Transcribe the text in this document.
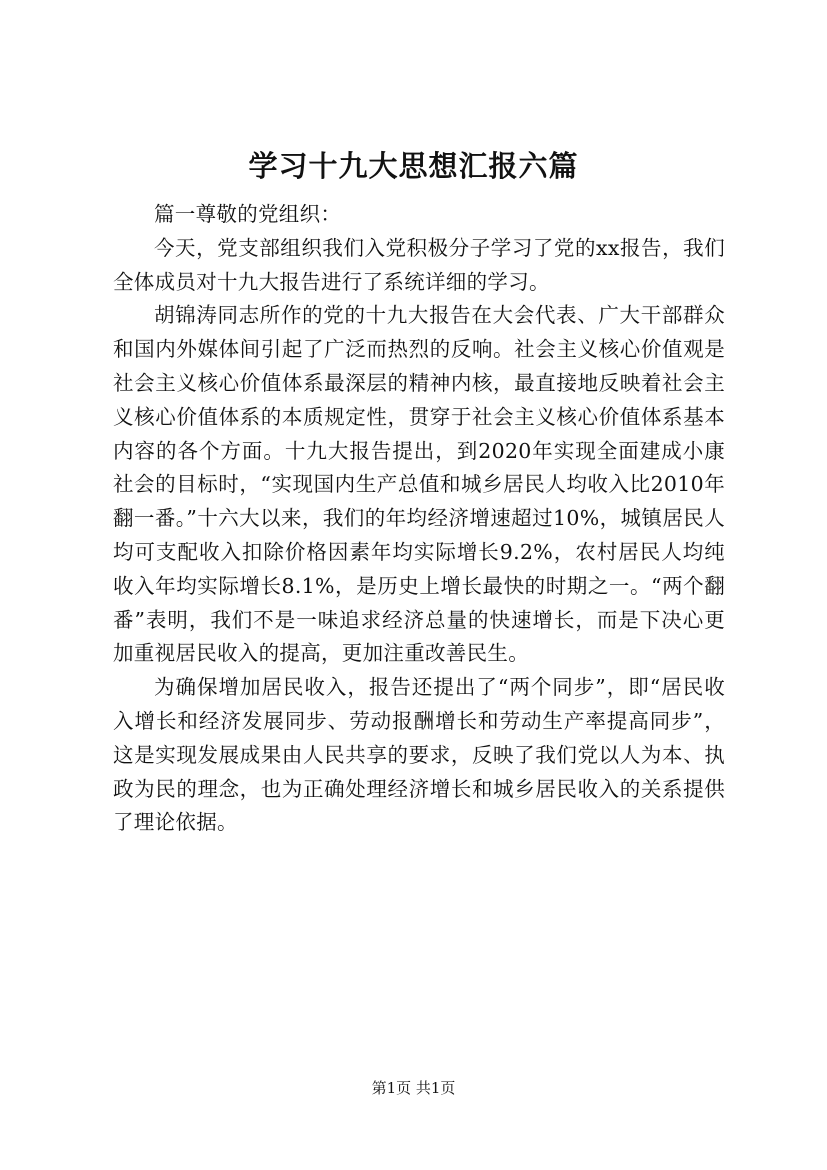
学习十九大思想汇报六篇

篇一尊敬的党组织：

今天，党支部组织我们入党积极分子学习了党的xx报告，我们全体成员对十九大报告进行了系统详细的学习。

胡锦涛同志所作的党的十九大报告在大会代表、广大干部群众和国内外媒体间引起了广泛而热烈的反响。社会主义核心价值观是社会主义核心价值体系最深层的精神内核，最直接地反映着社会主义核心价值体系的本质规定性，贯穿于社会主义核心价值体系基本内容的各个方面。十九大报告提出，到2020年实现全面建成小康社会的目标时，“实现国内生产总值和城乡居民人均收入比2010年翻一番。”十六大以来，我们的年均经济增速超过10%，城镇居民人均可支配收入扣除价格因素年均实际增长9.2%，农村居民人均纯收入年均实际增长8.1%，是历史上增长最快的时期之一。“两个翻番”表明，我们不是一味追求经济总量的快速增长，而是下决心更加重视居民收入的提高，更加注重改善民生。

为确保增加居民收入，报告还提出了“两个同步”，即“居民收入增长和经济发展同步、劳动报酬增长和劳动生产率提高同步”，这是实现发展成果由人民共享的要求，反映了我们党以人为本、执政为民的理念，也为正确处理经济增长和城乡居民收入的关系提供了理论依据。

第1页 共1页
